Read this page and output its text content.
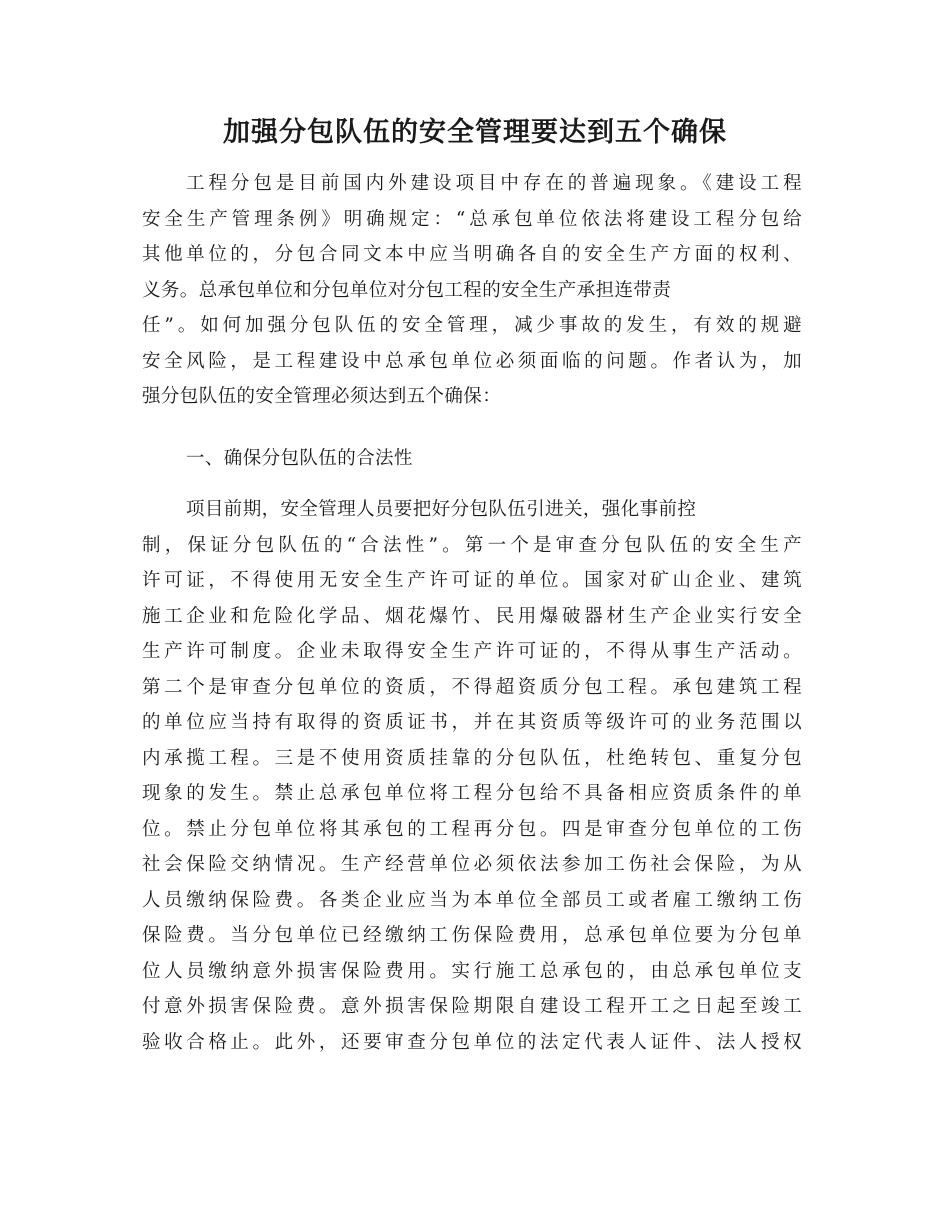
加强分包队伍的安全管理要达到五个确保
工程分包是目前国内外建设项目中存在的普遍现象。《建设工程
安全生产管理条例》明确规定：“总承包单位依法将建设工程分包给
其他单位的，分包合同文本中应当明确各自的安全生产方面的权利、
义务。总承包单位和分包单位对分包工程的安全生产承担连带责
任”。如何加强分包队伍的安全管理，减少事故的发生，有效的规避
安全风险，是工程建设中总承包单位必须面临的问题。作者认为，加
强分包队伍的安全管理必须达到五个确保：
一、确保分包队伍的合法性
项目前期，安全管理人员要把好分包队伍引进关，强化事前控
制，保证分包队伍的“合法性”。第一个是审查分包队伍的安全生产
许可证，不得使用无安全生产许可证的单位。国家对矿山企业、建筑
施工企业和危险化学品、烟花爆竹、民用爆破器材生产企业实行安全
生产许可制度。企业未取得安全生产许可证的，不得从事生产活动。
第二个是审查分包单位的资质，不得超资质分包工程。承包建筑工程
的单位应当持有取得的资质证书，并在其资质等级许可的业务范围以
内承揽工程。三是不使用资质挂靠的分包队伍，杜绝转包、重复分包
现象的发生。禁止总承包单位将工程分包给不具备相应资质条件的单
位。禁止分包单位将其承包的工程再分包。四是审查分包单位的工伤
社会保险交纳情况。生产经营单位必须依法参加工伤社会保险，为从
人员缴纳保险费。各类企业应当为本单位全部员工或者雇工缴纳工伤
保险费。当分包单位已经缴纳工伤保险费用，总承包单位要为分包单
位人员缴纳意外损害保险费用。实行施工总承包的，由总承包单位支
付意外损害保险费。意外损害保险期限自建设工程开工之日起至竣工
验收合格止。此外，还要审查分包单位的法定代表人证件、法人授权
